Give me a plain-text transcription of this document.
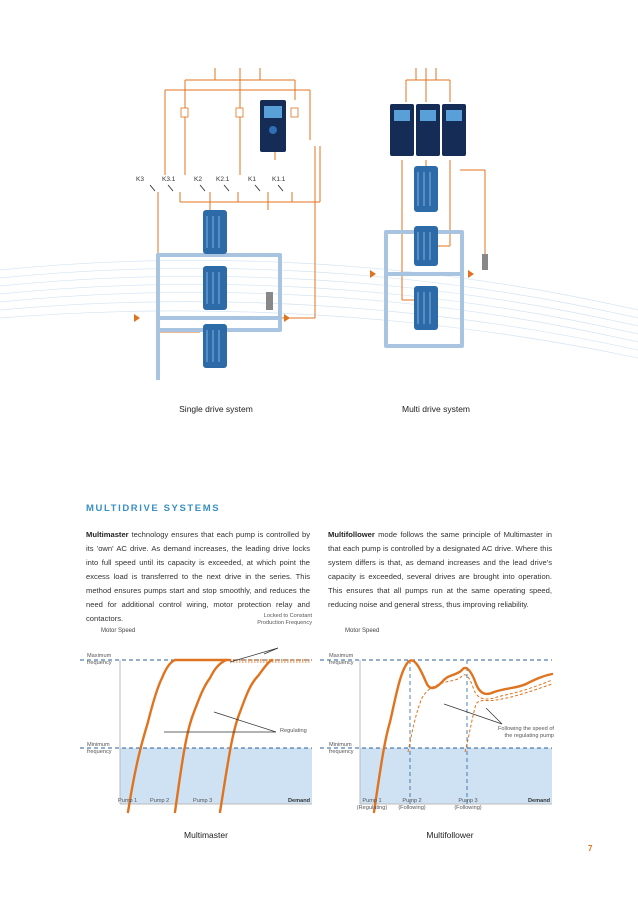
K3	K3.1	K2 K2.1	K1 K1.1
Single drive system	Multi drive system
MULTIDRIVE SYSTEMS
Multimaster technology ensures that each pump is controlled by its 'own' AC drive. As demand increases, the leading drive locks into full speed until its capacity is exceeded, at which point the excess load is transferred to the next drive in the series. This method ensures pumps start and stop smoothly, and reduces the need for additional control wiring, motor protection relay and contactors.
Multifollower mode follows the same principle of Multimaster in that each pump is controlled by a designated AC drive. Where this system differs is that, as demand increases and the lead drive's capacity is exceeded, several drives are brought into operation. This ensures that all pumps run at the same operating speed, reducing noise and general stress, thus improving reliability.
Motor Speed
Maximum frequency
Minimum frequency
Locked to Constant Production Frequency
Regulating
Pump 1 Pump 2	Pump 3	Demand
Multimaster
Motor Speed
Maximum frequency
Minimum frequency
Following the speed of the regulating pump
Pump 1 (Regulating)
Pump 2 (Following)
Pump 3 (Following)
Demand
Multifollower
7
